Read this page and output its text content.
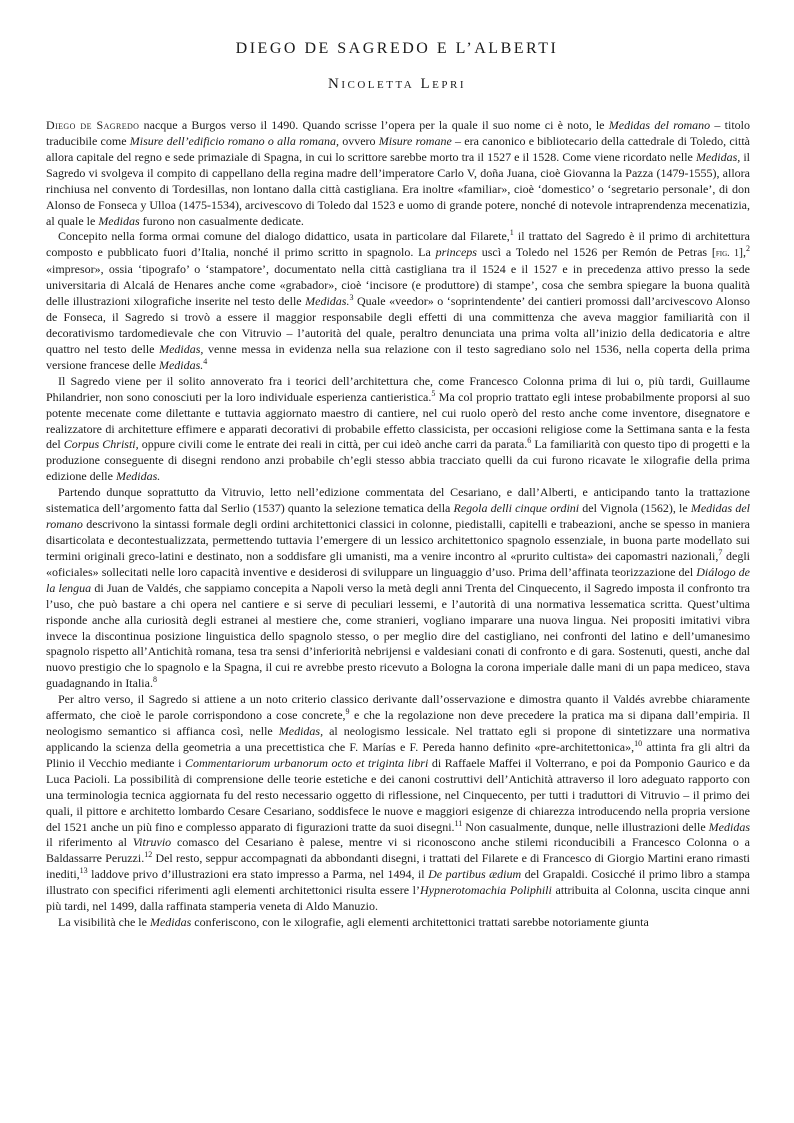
DIEGO DE SAGREDO E L’ALBERTI
Nicoletta Lepri

Diego de Sagredo nacque a Burgos verso il 1490. Quando scrisse l’opera per la quale il suo nome ci è noto, le Medidas del romano – titolo traducibile come Misure dell’edificio romano o alla romana, ovvero Misure romane – era canonico e bibliotecario della cattedrale di Toledo, città allora capitale del regno e sede primaziale di Spagna, in cui lo scrittore sarebbe morto tra il 1527 e il 1528. Come viene ricordato nelle Medidas, il Sagredo vi svolgeva il compito di cappellano della regina madre dell’imperatore Carlo V, doña Juana, cioè Giovanna la Pazza (1479-1555), allora rinchiusa nel convento di Tordesillas, non lontano dalla città castigliana. Era inoltre «familiar», cioè ‘domestico’ o ‘segretario personale’, di don Alonso de Fonseca y Ulloa (1475-1534), arcivescovo di Toledo dal 1523 e uomo di grande potere, nonché di notevole intraprendenza mecenatizia, al quale le Medidas furono non casualmente dedicate.

Concepito nella forma ormai comune del dialogo didattico, usata in particolare dal Filarete,$^1$ il trattato del Sagredo è il primo di architettura composto e pubblicato fuori d’Italia, nonché il primo scritto in spagnolo. La princeps uscì a Toledo nel 1526 per Remón de Petras [fig. 1],$^2$ «impresor», ossia ‘tipografo’ o ‘stampatore’, documentato nella città castigliana tra il 1524 e il 1527 e in precedenza attivo presso la sede universitaria di Alcalá de Henares anche come «grabador», cioè ‘incisore (e produttore) di stampe’, cosa che sembra spiegare la buona qualità delle illustrazioni xilografiche inserite nel testo delle Medidas.$^3$ Quale «veedor» o ‘soprintendente’ dei cantieri promossi dall’arcivescovo Alonso de Fonseca, il Sagredo si trovò a essere il maggior responsabile degli effetti di una committenza che aveva maggior familiarità con il decorativismo tardomedievale che con Vitruvio – l’autorità del quale, peraltro denunciata una prima volta all’inizio della dedicatoria e altre quattro nel testo delle Medidas, venne messa in evidenza nella sua relazione con il testo sagrediano solo nel 1536, nella coperta della prima versione francese delle Medidas.$^4$

Il Sagredo viene per il solito annoverato fra i teorici dell’architettura che, come Francesco Colonna prima di lui o, più tardi, Guillaume Philandrier, non sono conosciuti per la loro individuale esperienza cantieristica.$^5$ Ma col proprio trattato egli intese probabilmente proporsi al suo potente mecenate come dilettante e tuttavia aggiornato maestro di cantiere, nel cui ruolo operò del resto anche come inventore, disegnatore e realizzatore di architetture effimere e apparati decorativi di probabile effetto classicista, per occasioni religiose come la Settimana santa e la festa del Corpus Christi, oppure civili come le entrate dei reali in città, per cui ideò anche carri da parata.$^6$ La familiarità con questo tipo di progetti e la produzione conseguente di disegni rendono anzi probabile ch’egli stesso abbia tracciato quelli da cui furono ricavate le xilografie della prima edizione delle Medidas.

Partendo dunque soprattutto da Vitruvio, letto nell’edizione commentata del Cesariano, e dall’Alberti, e anticipando tanto la trattazione sistematica dell’argomento fatta dal Serlio (1537) quanto la selezione tematica della Regola delli cinque ordini del Vignola (1562), le Medidas del romano descrivono la sintassi formale degli ordini architettonici classici in colonne, piedistalli, capitelli e trabeazioni, anche se spesso in maniera disarticolata e decontestualizzata, permettendo tuttavia l’emergere di un lessico architettonico spagnolo essenziale, in buona parte modellato sui termini originali greco-latini e destinato, non a soddisfare gli umanisti, ma a venire incontro al «prurito cultista» dei capomastri nazionali,$^7$ degli «oficiales» sollecitati nelle loro capacità inventive e desiderosi di sviluppare un linguaggio d’uso. Prima dell’affinata teorizzazione del Diálogo de la lengua di Juan de Valdés, che sappiamo concepita a Napoli verso la metà degli anni Trenta del Cinquecento, il Sagredo imposta il confronto tra l’uso, che può bastare a chi opera nel cantiere e si serve di peculiari lessemi, e l’autorità di una normativa lessematica scritta. Quest’ultima risponde anche alla curiosità degli estranei al mestiere che, come stranieri, vogliano imparare una nuova lingua. Nei propositi imitativi vibra invece la discontinua posizione linguistica dello spagnolo stesso, o per meglio dire del castigliano, nei confronti del latino e dell’umanesimo spagnolo rispetto all’Antichità romana, tesa tra sensi d’inferiorità nebrijensi e valdesiani conati di confronto e di gara. Sostenuti, questi, anche dal nuovo prestigio che lo spagnolo e la Spagna, il cui re avrebbe presto ricevuto a Bologna la corona imperiale dalle mani di un papa mediceo, stava guadagnando in Italia.$^8$

Per altro verso, il Sagredo si attiene a un noto criterio classico derivante dall’osservazione e dimostra quanto il Valdés avrebbe chiaramente affermato, che cioè le parole corrispondono a cose concrete,$^9$ e che la regolazione non deve precedere la pratica ma si dipana dall’empiria. Il neologismo semantico si affianca così, nelle Medidas, al neologismo lessicale. Nel trattato egli si propone di sintetizzare una normativa applicando la scienza della geometria a una precettistica che F. Marías e F. Pereda hanno definito «pre-architettonica»,$^{10}$ attinta fra gli altri da Plinio il Vecchio mediante i Commentariorum urbanorum octo et triginta libri di Raffaele Maffei il Volterrano, e poi da Pomponio Gaurico e da Luca Pacioli. La possibilità di comprensione delle teorie estetiche e dei canoni costruttivi dell’Antichità attraverso il loro adeguato rapporto con una terminologia tecnica aggiornata fu del resto necessario oggetto di riflessione, nel Cinquecento, per tutti i traduttori di Vitruvio – il primo dei quali, il pittore e architetto lombardo Cesare Cesariano, soddisfece le nuove e maggiori esigenze di chiarezza introducendo nella propria versione del 1521 anche un più fino e complesso apparato di figurazioni tratte da suoi disegni.$^{11}$ Non casualmente, dunque, nelle illustrazioni delle Medidas il riferimento al Vitruvio comasco del Cesariano è palese, mentre vi si riconoscono anche stilemi riconducibili a Francesco Colonna o a Baldassarre Peruzzi.$^{12}$ Del resto, seppur accompagnati da abbondanti disegni, i trattati del Filarete e di Francesco di Giorgio Martini erano rimasti inediti,$^{13}$ laddove privo d’illustrazioni era stato impresso a Parma, nel 1494, il De partibus ædium del Grapaldi. Cosicché il primo libro a stampa illustrato con specifici riferimenti agli elementi architettonici risulta essere l’Hypnerotomachia Poliphili attribuita al Colonna, uscita cinque anni più tardi, nel 1499, dalla raffinata stamperia veneta di Aldo Manuzio.

La visibilità che le Medidas conferiscono, con le xilografie, agli elementi architettonici trattati sarebbe notoriamente giunta
